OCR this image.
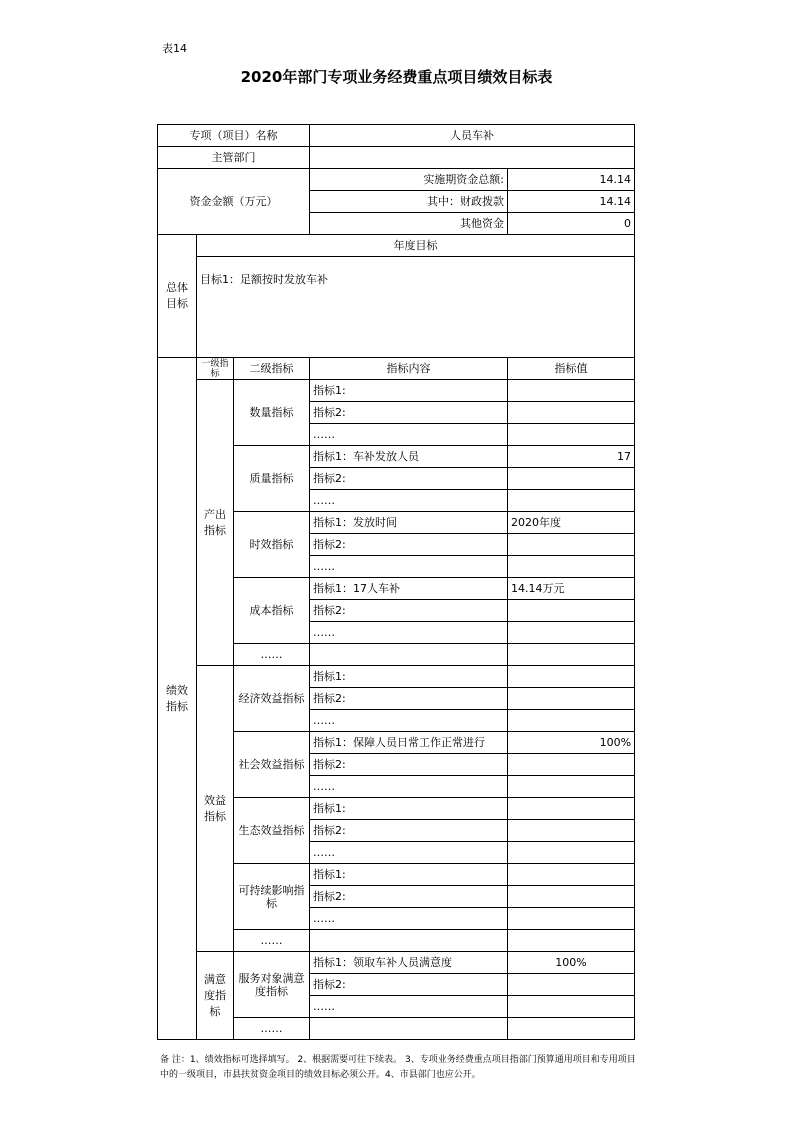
表14
2020年部门专项业务经费重点项目绩效目标表
专项（项目）名称			人员车补	
主管部门				
资金金额（万元）			实施期资金总额:	14.14
			其中：财政拨款	14.14
			其他资金	0
总体目标	年度目标			
	目标1：足额按时发放车补			
绩效指标	一级指标	二级指标	指标内容	指标值
	产出指标	数量指标	指标1:	
			指标2:	
			……	
		质量指标	指标1：车补发放人员	17
			指标2:	
			……	
		时效指标	指标1：发放时间	2020年度
			指标2:	
			……	
		成本指标	指标1：17人车补	14.14万元
			指标2:	
			……	
		……		
	效益指标	经济效益指标	指标1:	
			指标2:	
			……	
		社会效益指标	指标1：保障人员日常工作正常进行	100%
			指标2:	
			……	
		生态效益指标	指标1:	
			指标2:	
			……	
		可持续影响指标	指标1:	
			指标2:	
			……	
		……		
	满意度指标	服务对象满意度指标	指标1：领取车补人员满意度	100%
			指标2:	
			……	
		……		
备 注：1、绩效指标可选择填写。 2、根据需要可往下续表。 3、专项业务经费重点项目指部门预算通用项目和专用项目中的一级项目，市县扶贫资金项目的绩效目标必须公开。4、市县部门也应公开。
